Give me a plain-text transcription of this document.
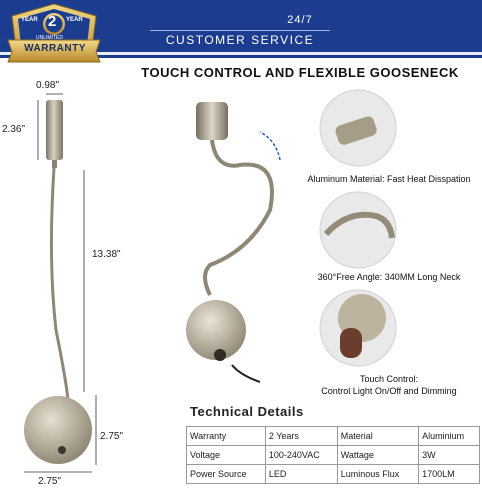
24/7
CUSTOMER SERVICE
YEAR 2 YEAR
UNLIMITED
WARRANTY
TOUCH CONTROL AND FLEXIBLE GOOSENECK
0.98"
2.36"
13.38"
2.75"
2.75"
Aluminum Material: Fast Heat Disspation
360°Free Angle: 340MM Long Neck
Touch Control:
Control Light On/Off and Dimming
Technical Details
Warranty	2 Years	Material	Aluminium
Voltage	100-240VAC	Wattage	3W
Power Source	LED	Luminous Flux	1700LM
